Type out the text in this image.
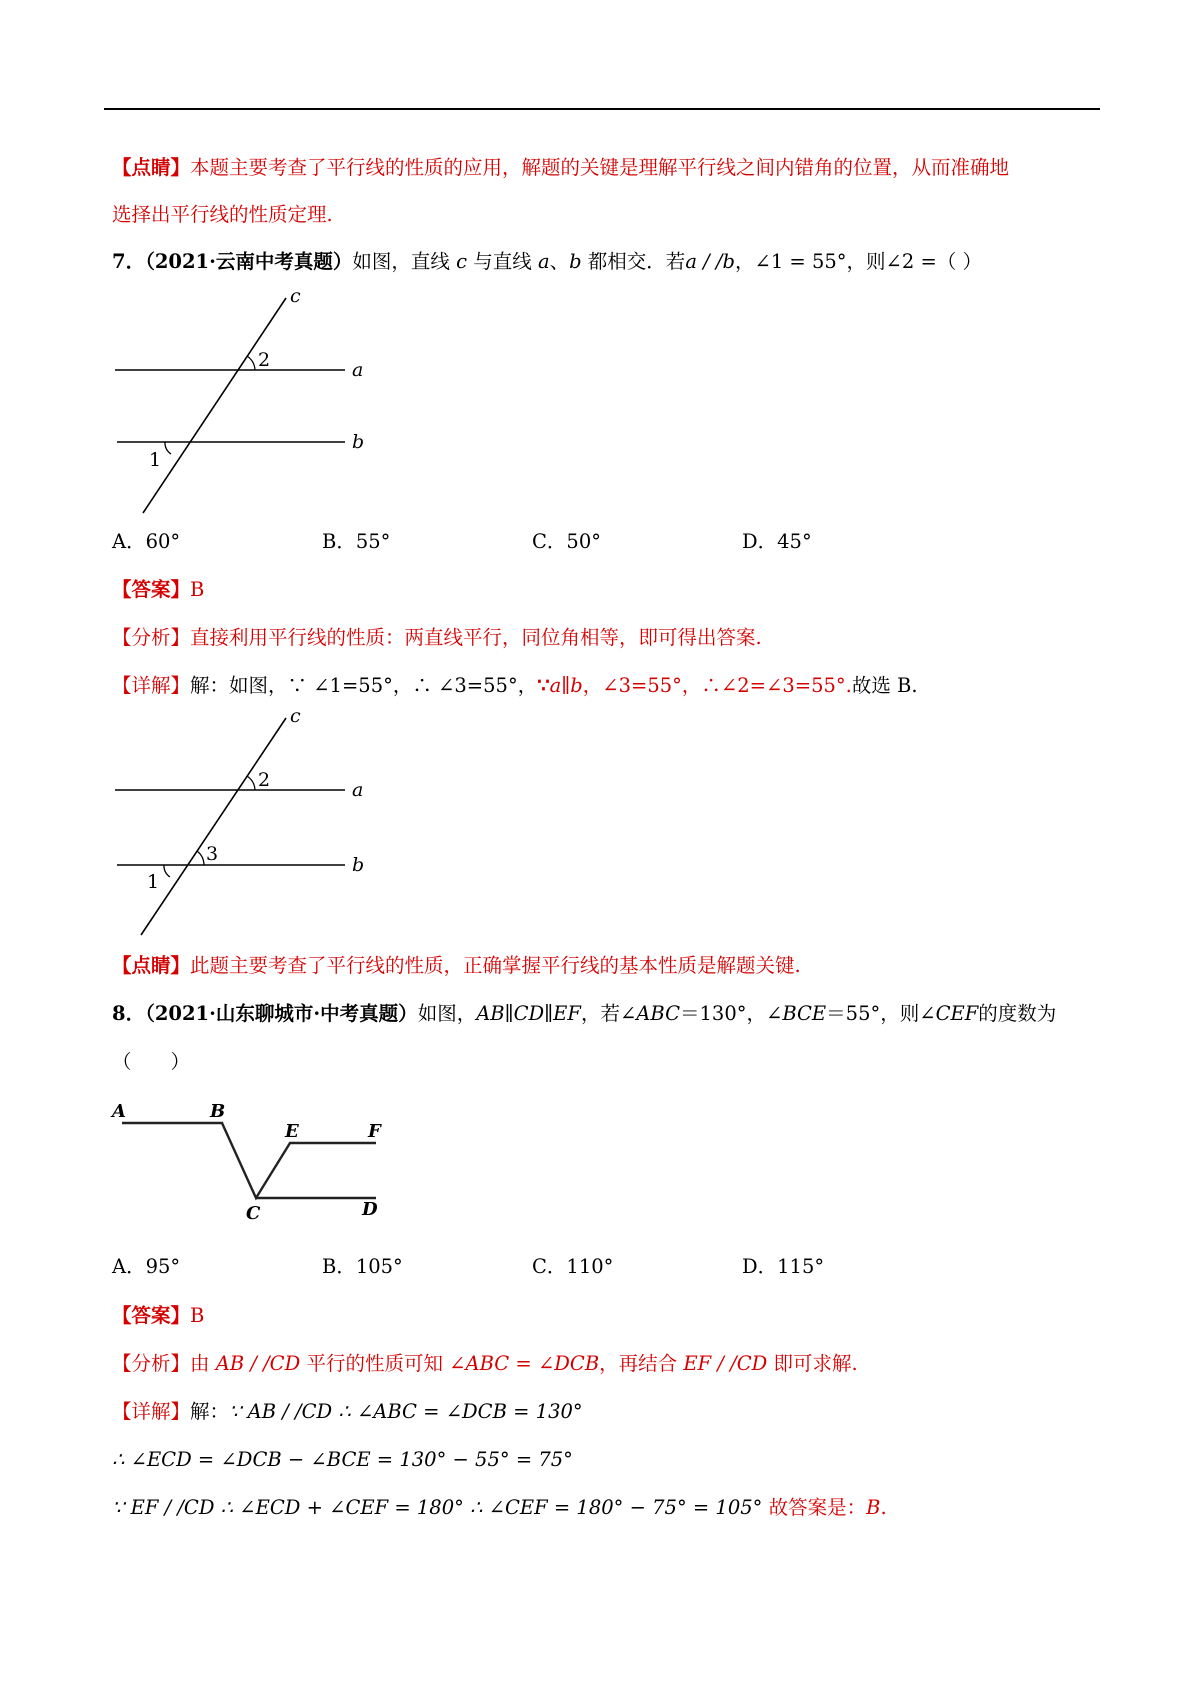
【点睛】本题主要考查了平行线的性质的应用，解题的关键是理解平行线之间内错角的位置，从而准确地
选择出平行线的性质定理.
7．（2021·云南中考真题）如图，直线 c 与直线 a、b 都相交．若a / /b，∠1 = 55°，则∠2 =（ ）
c
a
b
2
1
A．60°	B．55°	C．50°	D．45°
【答案】B
【分析】直接利用平行线的性质：两直线平行，同位角相等，即可得出答案.
【详解】解：如图，∵ ∠1=55°，∴ ∠3=55°，∵a∥b，∠3=55°，∴∠2=∠3=55°.故选 B.
c
a
b
2
3
1
【点睛】此题主要考查了平行线的性质，正确掌握平行线的基本性质是解题关键.
8．（2021·山东聊城市·中考真题）如图，AB∥CD∥EF，若∠ABC＝130°，∠BCE＝55°，则∠CEF的度数为
（　　）
A	B
E	F
C	D
A．95°	B．105°	C．110°	D．115°
【答案】B
【分析】由 AB / /CD 平行的性质可知 ∠ABC = ∠DCB，再结合 EF / /CD 即可求解.
【详解】解：∵ AB / /CD ∴ ∠ABC = ∠DCB = 130°
∴ ∠ECD = ∠DCB − ∠BCE = 130° − 55° = 75°
∵ EF / /CD ∴ ∠ECD + ∠CEF = 180° ∴ ∠CEF = 180° − 75° = 105° 故答案是：B.
